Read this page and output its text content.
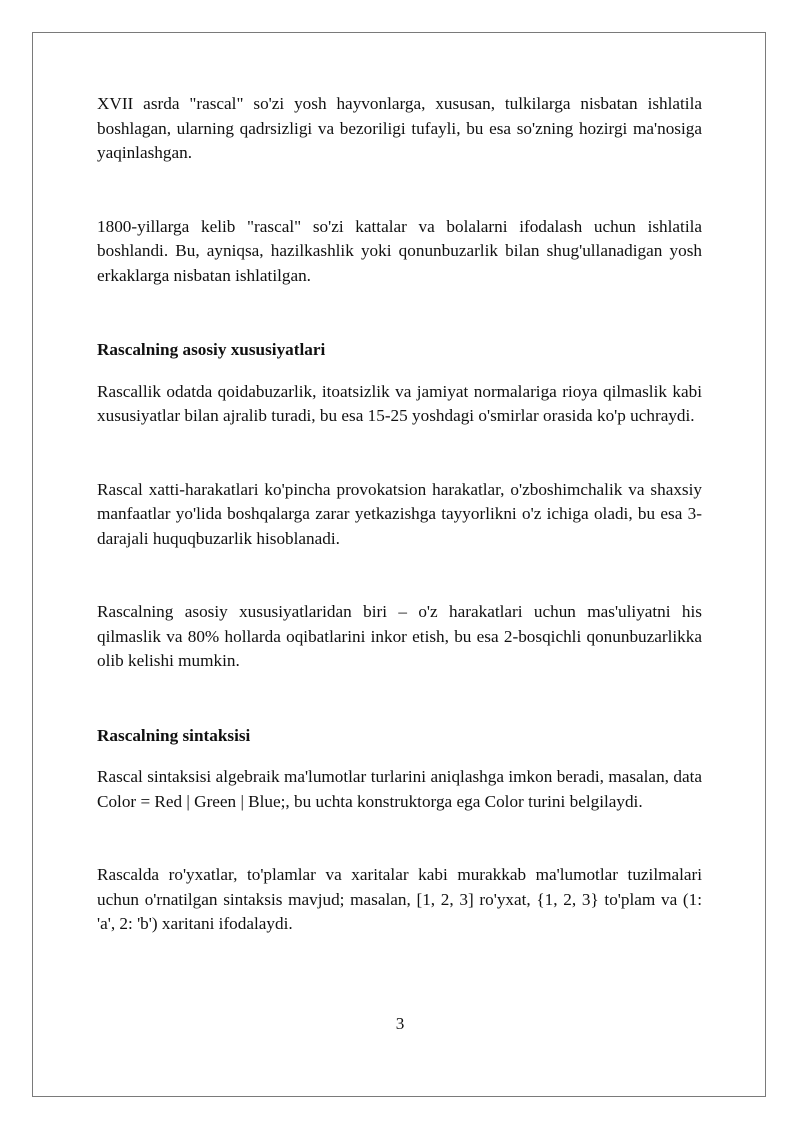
XVII asrda "rascal" so'zi yosh hayvonlarga, xususan, tulkilarga nisbatan ishlatila boshlagan, ularning qadrsizligi va bezoriligi tufayli, bu esa so'zning hozirgi ma'nosiga yaqinlashgan.

1800-yillarga kelib "rascal" so'zi kattalar va bolalarni ifodalash uchun ishlatila boshlandi. Bu, ayniqsa, hazilkashlik yoki qonunbuzarlik bilan shug'ullanadigan yosh erkaklarga nisbatan ishlatilgan.

Rascalning asosiy xususiyatlari

Rascallik odatda qoidabuzarlik, itoatsizlik va jamiyat normalariga rioya qilmaslik kabi xususiyatlar bilan ajralib turadi, bu esa 15-25 yoshdagi o'smirlar orasida ko'p uchraydi.

Rascal xatti-harakatlari ko'pincha provokatsion harakatlar, o'zboshimchalik va shaxsiy manfaatlar yo'lida boshqalarga zarar yetkazishga tayyorlikni o'z ichiga oladi, bu esa 3-darajali huquqbuzarlik hisoblanadi.

Rascalning asosiy xususiyatlaridan biri – o'z harakatlari uchun mas'uliyatni his qilmaslik va 80% hollarda oqibatlarini inkor etish, bu esa 2-bosqichli qonunbuzarlikka olib kelishi mumkin.

Rascalning sintaksisi

Rascal sintaksisi algebraik ma'lumotlar turlarini aniqlashga imkon beradi, masalan, data Color = Red | Green | Blue;, bu uchta konstruktorga ega Color turini belgilaydi.

Rascalda ro'yxatlar, to'plamlar va xaritalar kabi murakkab ma'lumotlar tuzilmalari uchun o'rnatilgan sintaksis mavjud; masalan, [1, 2, 3] ro'yxat, {1, 2, 3} to'plam va (1: 'a', 2: 'b') xaritani ifodalaydi.

3
